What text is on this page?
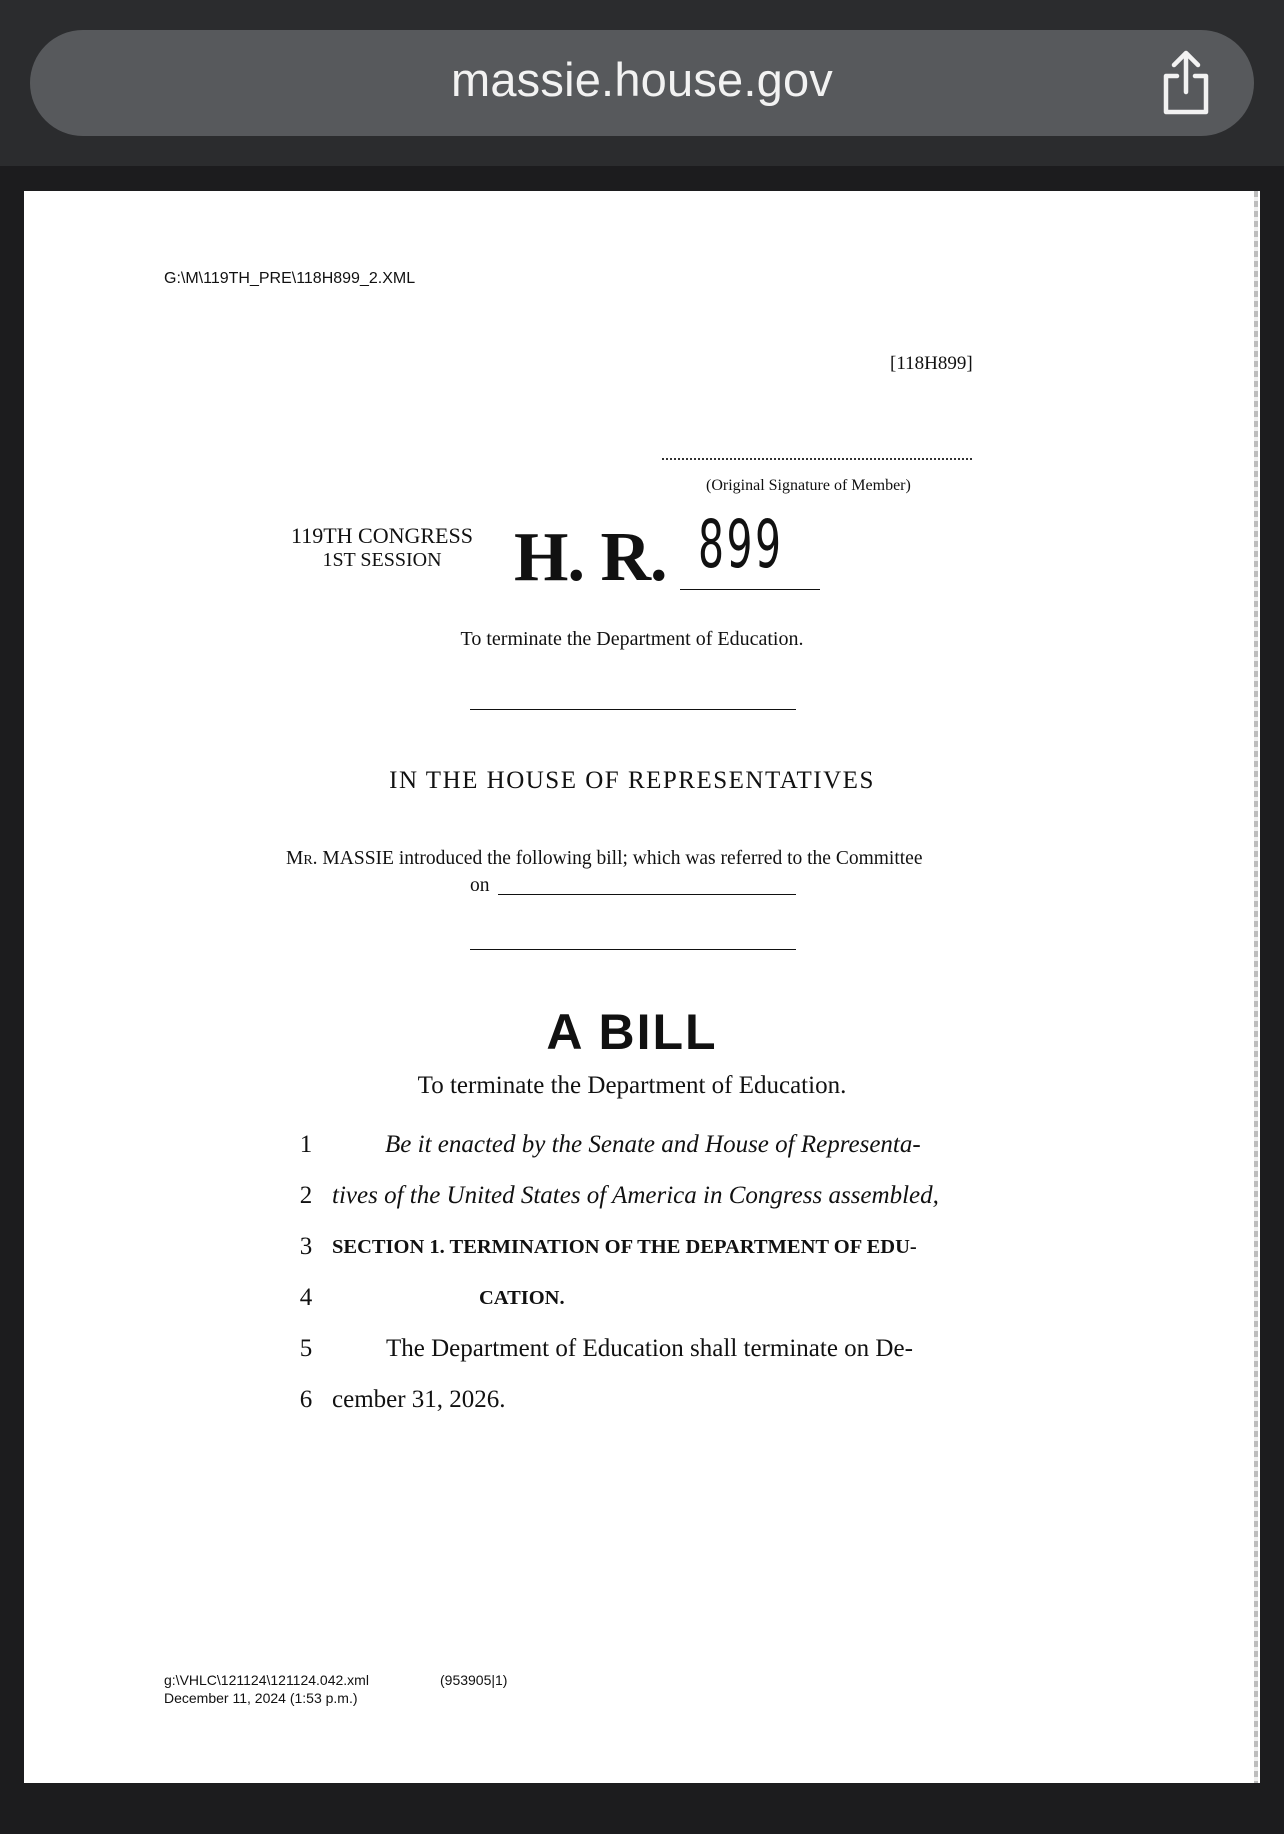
massie.house.gov
G:\M\119TH_PRE\118H899_2.XML
[118H899]
(Original Signature of Member)
119TH CONGRESS
1ST SESSION	H. R. 899
To terminate the Department of Education.
IN THE HOUSE OF REPRESENTATIVES
Mr. MASSIE introduced the following bill; which was referred to the Committee
on
A BILL
To terminate the Department of Education.
1	Be it enacted by the Senate and House of Representa-
2 tives of the United States of America in Congress assembled,
3 SECTION 1. TERMINATION OF THE DEPARTMENT OF EDU-
4	CATION.
5	The Department of Education shall terminate on De-
6 cember 31, 2026.
g:\VHLC\121124\121124.042.xml
December 11, 2024 (1:53 p.m.)
(953905|1)
